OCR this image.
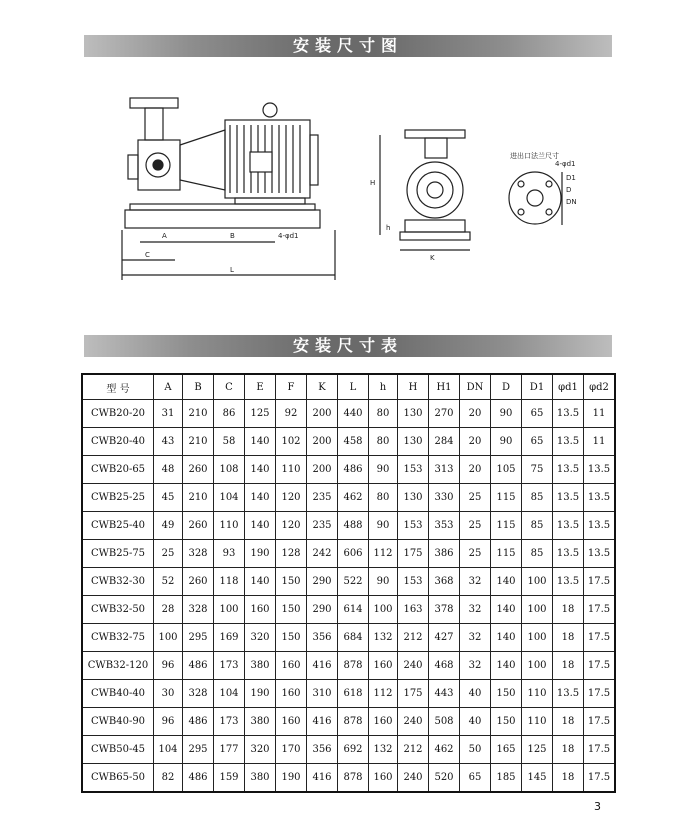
安装尺寸图
A	B
C
L
4-φd1
H
h
K
D1
D
DN
4-φd1
进出口法兰尺寸
安装尺寸表
型 号	A	B	C	E	F	K	L	h	H	H1	DN	D	D1	φd1	φd2
CWB20-20	31	210	86	125	92	200	440	80	130	270	20	90	65	13.5	11
CWB20-40	43	210	58	140	102	200	458	80	130	284	20	90	65	13.5	11
CWB20-65	48	260	108	140	110	200	486	90	153	313	20	105	75	13.5	13.5
CWB25-25	45	210	104	140	120	235	462	80	130	330	25	115	85	13.5	13.5
CWB25-40	49	260	110	140	120	235	488	90	153	353	25	115	85	13.5	13.5
CWB25-75	25	328	93	190	128	242	606	112	175	386	25	115	85	13.5	13.5
CWB32-30	52	260	118	140	150	290	522	90	153	368	32	140	100	13.5	17.5
CWB32-50	28	328	100	160	150	290	614	100	163	378	32	140	100	18	17.5
CWB32-75	100	295	169	320	150	356	684	132	212	427	32	140	100	18	17.5
CWB32-120	96	486	173	380	160	416	878	160	240	468	32	140	100	18	17.5
CWB40-40	30	328	104	190	160	310	618	112	175	443	40	150	110	13.5	17.5
CWB40-90	96	486	173	380	160	416	878	160	240	508	40	150	110	18	17.5
CWB50-45	104	295	177	320	170	356	692	132	212	462	50	165	125	18	17.5
CWB65-50	82	486	159	380	190	416	878	160	240	520	65	185	145	18	17.5
3
